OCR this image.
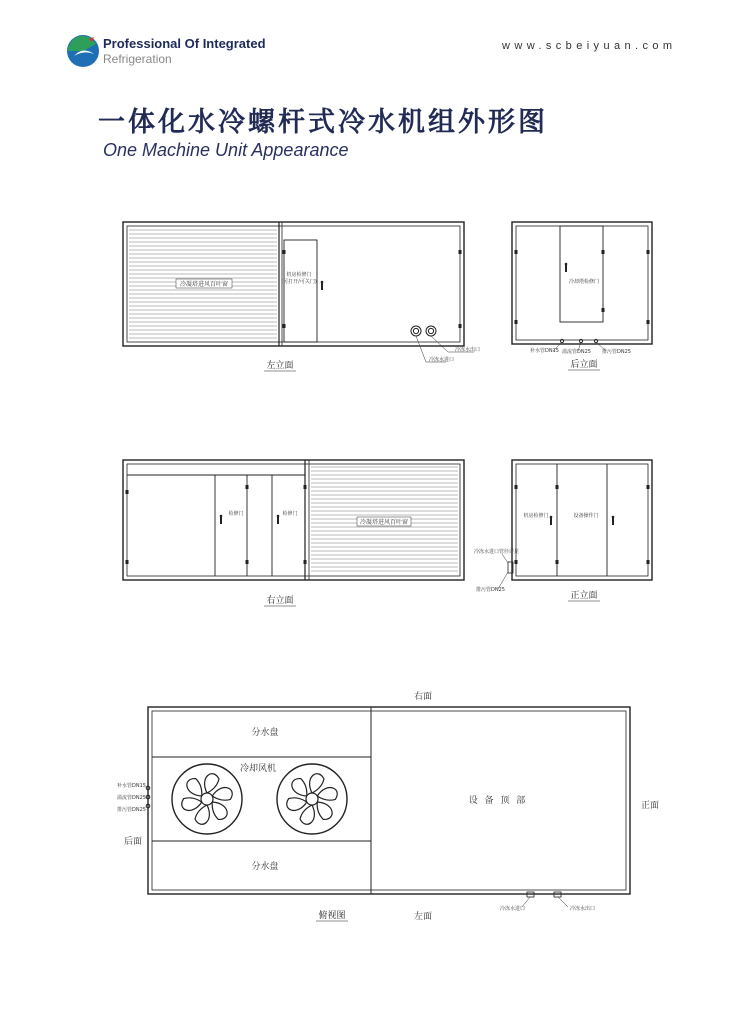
Professional Of Integrated
Refrigeration
www.scbeiyuan.com
一体化水冷螺杆式冷水机组外形图
One Machine Unit Appearance
冷凝塔进风百叶窗
机房检修门
(可打开/可关门)
冷冻水出口
冷冻水进口
左立面
冷却塔检修门
补水管DN15 溢流管DN25 排污管DN25
后立面
检修门	检修门
冷凝塔进风百叶窗
右立面
机房检修门	设备操作门
冷冻水进口管径详见
排污管DN25
正立面
右面
分水盘
冷却风机
分水盘
设 备 顶 部	正面
后面
左面
补水管DN15
溢流管DN25
排污管DN25
冷冻水进口	冷冻水出口
俯视图
